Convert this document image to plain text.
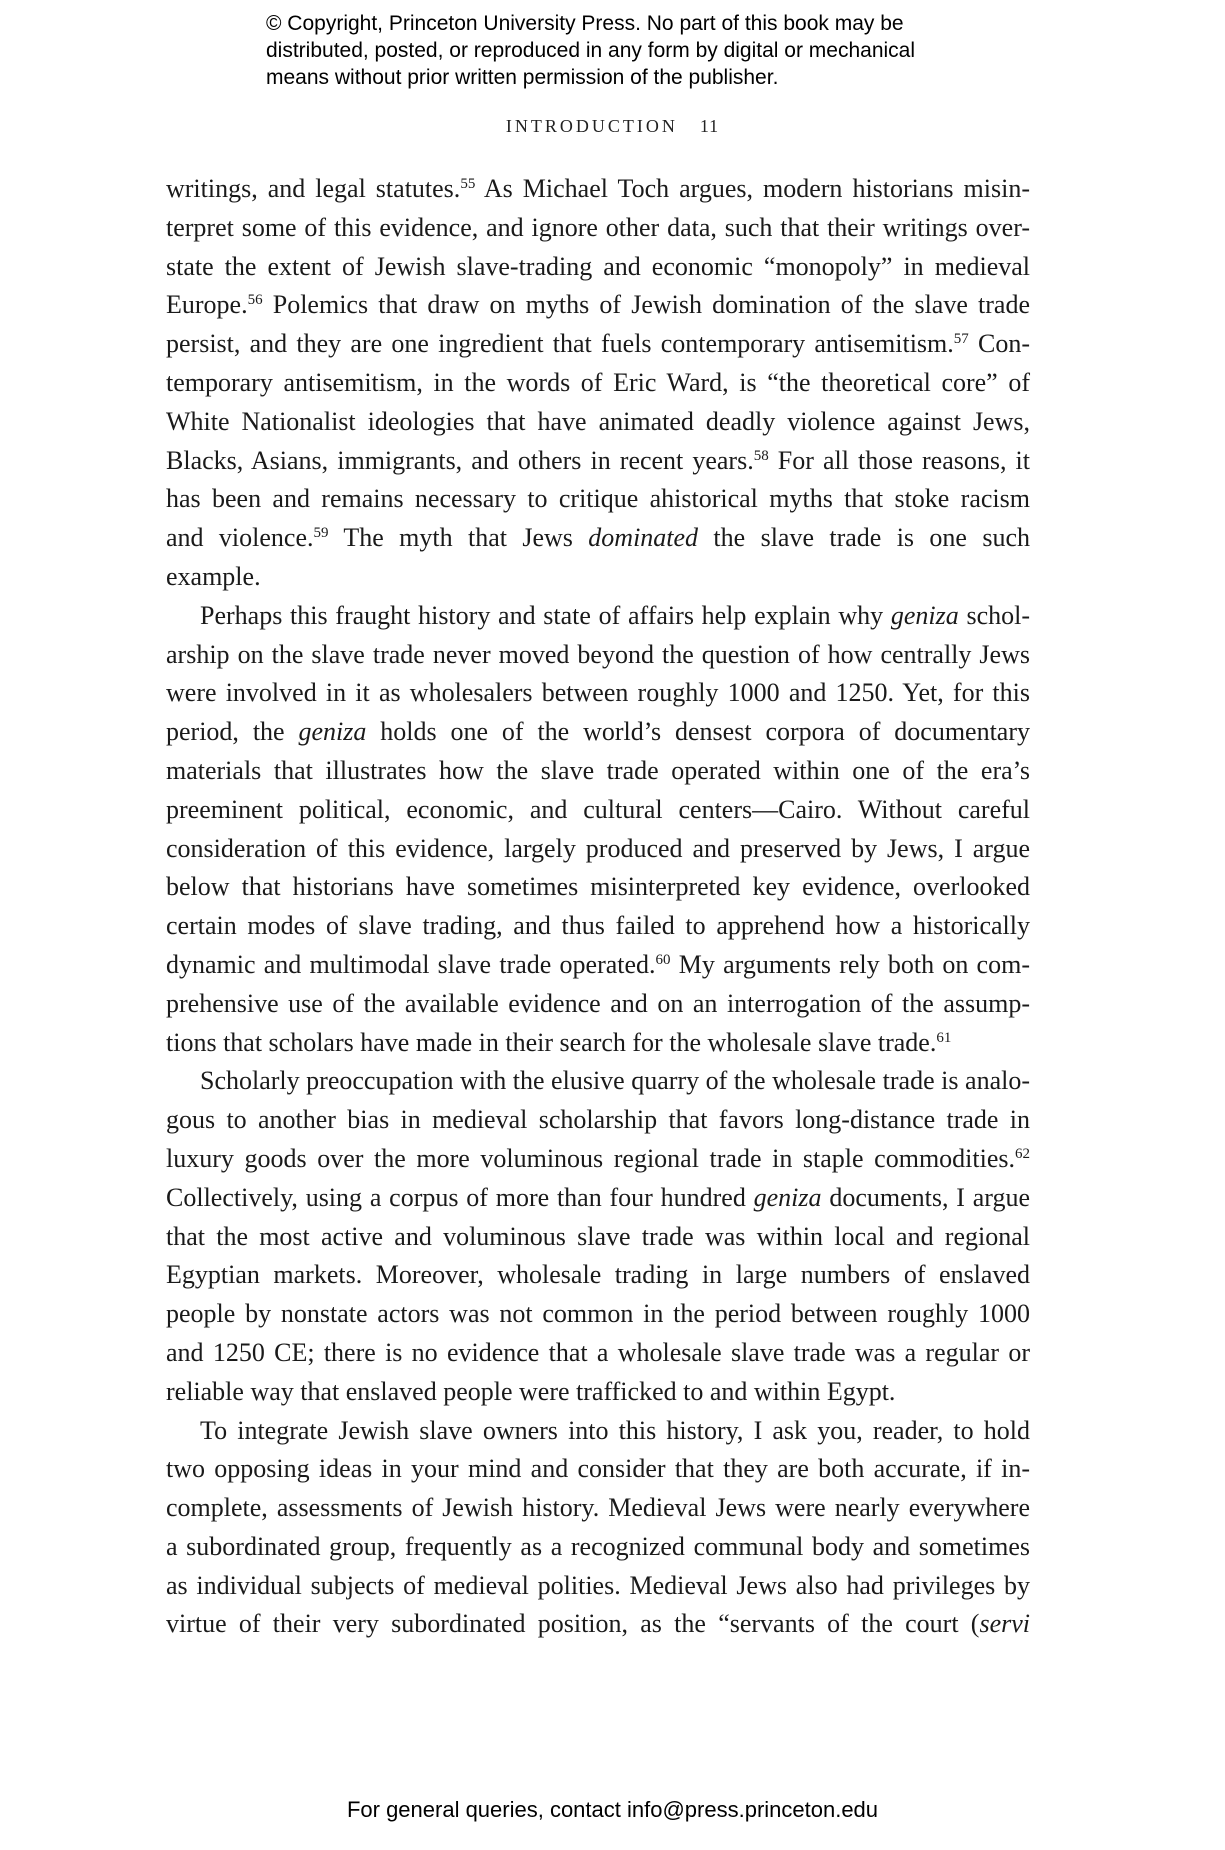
© Copyright, Princeton University Press. No part of this book may be
distributed, posted, or reproduced in any form by digital or mechanical
means without prior written permission of the publisher.
INTRODUCTION 11
writings, and legal statutes.$^{55}$ As Michael Toch argues, modern historians misin-
terpret some of this evidence, and ignore other data, such that their writings over-
state the extent of Jewish slave-trading and economic “monopoly” in medieval
Europe.$^{56}$ Polemics that draw on myths of Jewish domination of the slave trade
persist, and they are one ingredient that fuels contemporary antisemitism.$^{57}$ Con-
temporary antisemitism, in the words of Eric Ward, is “the theoretical core” of
White Nationalist ideologies that have animated deadly violence against Jews,
Blacks, Asians, immigrants, and others in recent years.$^{58}$ For all those reasons, it
has been and remains necessary to critique ahistorical myths that stoke racism
and violence.$^{59}$ The myth that Jews dominated the slave trade is one such
example.
Perhaps this fraught history and state of affairs help explain why geniza schol-
arship on the slave trade never moved beyond the question of how centrally Jews
were involved in it as wholesalers between roughly 1000 and 1250. Yet, for this
period, the geniza holds one of the world’s densest corpora of documentary
materials that illustrates how the slave trade operated within one of the era’s
preeminent political, economic, and cultural centers—Cairo. Without careful
consideration of this evidence, largely produced and preserved by Jews, I argue
below that historians have sometimes misinterpreted key evidence, overlooked
certain modes of slave trading, and thus failed to apprehend how a historically
dynamic and multimodal slave trade operated.$^{60}$ My arguments rely both on com-
prehensive use of the available evidence and on an interrogation of the assump-
tions that scholars have made in their search for the wholesale slave trade.$^{61}$
Scholarly preoccupation with the elusive quarry of the wholesale trade is analo-
gous to another bias in medieval scholarship that favors long-distance trade in
luxury goods over the more voluminous regional trade in staple commodities.$^{62}$
Collectively, using a corpus of more than four hundred geniza documents, I argue
that the most active and voluminous slave trade was within local and regional
Egyptian markets. Moreover, wholesale trading in large numbers of enslaved
people by nonstate actors was not common in the period between roughly 1000
and 1250 CE; there is no evidence that a wholesale slave trade was a regular or
reliable way that enslaved people were trafficked to and within Egypt.
To integrate Jewish slave owners into this history, I ask you, reader, to hold
two opposing ideas in your mind and consider that they are both accurate, if in-
complete, assessments of Jewish history. Medieval Jews were nearly everywhere
a subordinated group, frequently as a recognized communal body and sometimes
as individual subjects of medieval polities. Medieval Jews also had privileges by
virtue of their very subordinated position, as the “servants of the court (servi
For general queries, contact info@press.princeton.edu
